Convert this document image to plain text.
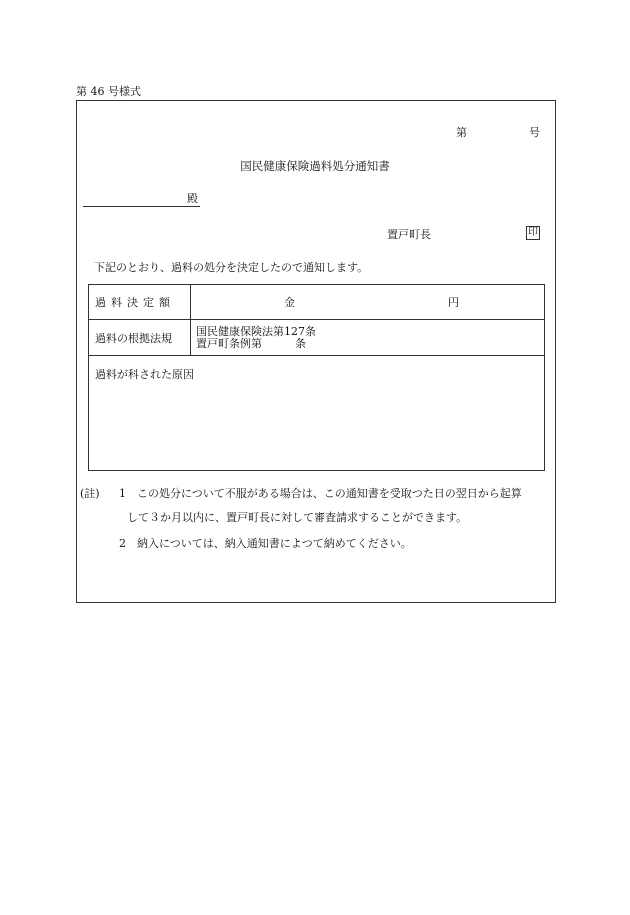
第 46 号様式
第	号
国民健康保険過料処分通知書
殿
置戸町長	印
下記のとおり、過料の処分を決定したので通知します。
過料決定額	金 円

過料の根拠法規	国民健康保険法第127条
置戸町条例第　　　条

過料が科された原因	
(註) 1 この処分について不服がある場合は、この通知書を受取つた日の翌日から起算
して３か月以内に、置戸町長に対して審査請求することができます。
2 納入については、納入通知書によつて納めてください。
